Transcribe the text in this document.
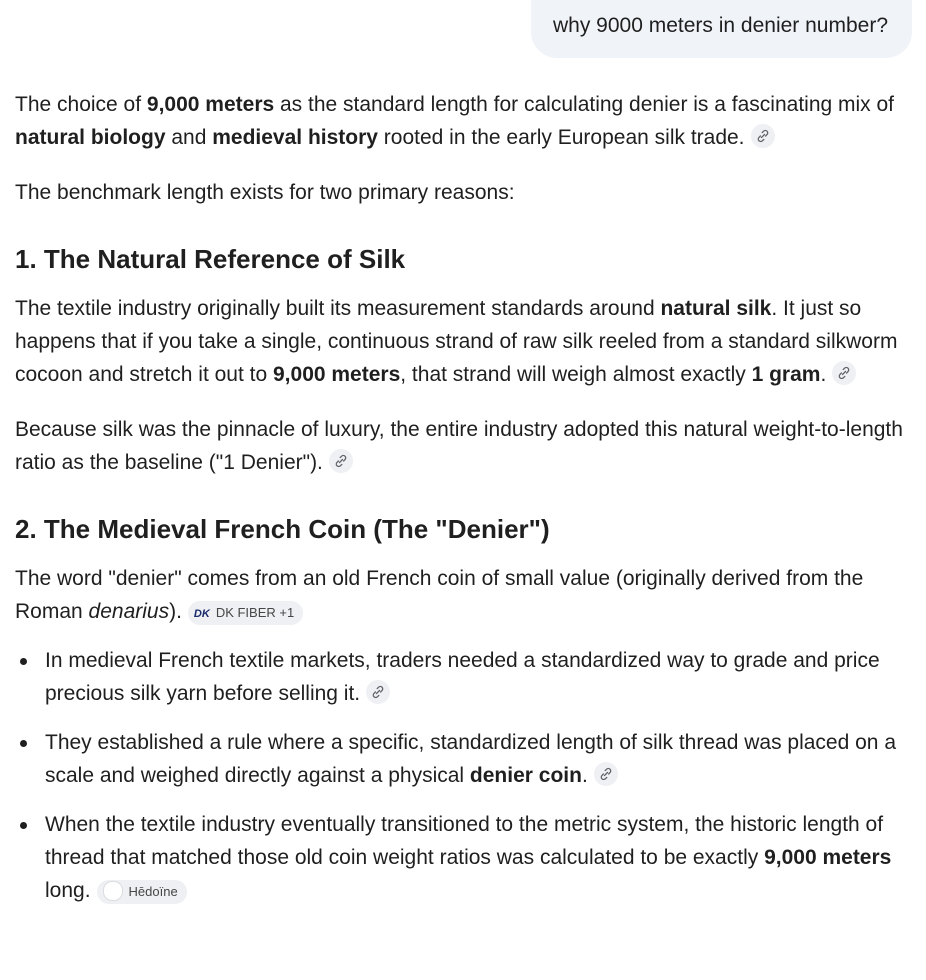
why 9000 meters in denier number?

The choice of 9,000 meters as the standard length for calculating denier is a fascinating mix of natural biology and medieval history rooted in the early European silk trade.

The benchmark length exists for two primary reasons:

1. The Natural Reference of Silk

The textile industry originally built its measurement standards around natural silk. It just so happens that if you take a single, continuous strand of raw silk reeled from a standard silkworm cocoon and stretch it out to 9,000 meters, that strand will weigh almost exactly 1 gram.

Because silk was the pinnacle of luxury, the entire industry adopted this natural weight-to-length ratio as the baseline ("1 Denier").

2. The Medieval French Coin (The "Denier")

The word "denier" comes from an old French coin of small value (originally derived from the Roman denarius). DK DK FIBER +1

In medieval French textile markets, traders needed a standardized way to grade and price precious silk yarn before selling it.
They established a rule where a specific, standardized length of silk thread was placed on a scale and weighed directly against a physical denier coin.
When the textile industry eventually transitioned to the metric system, the historic length of thread that matched those old coin weight ratios was calculated to be exactly 9,000 meters long.	Hēdoïne
